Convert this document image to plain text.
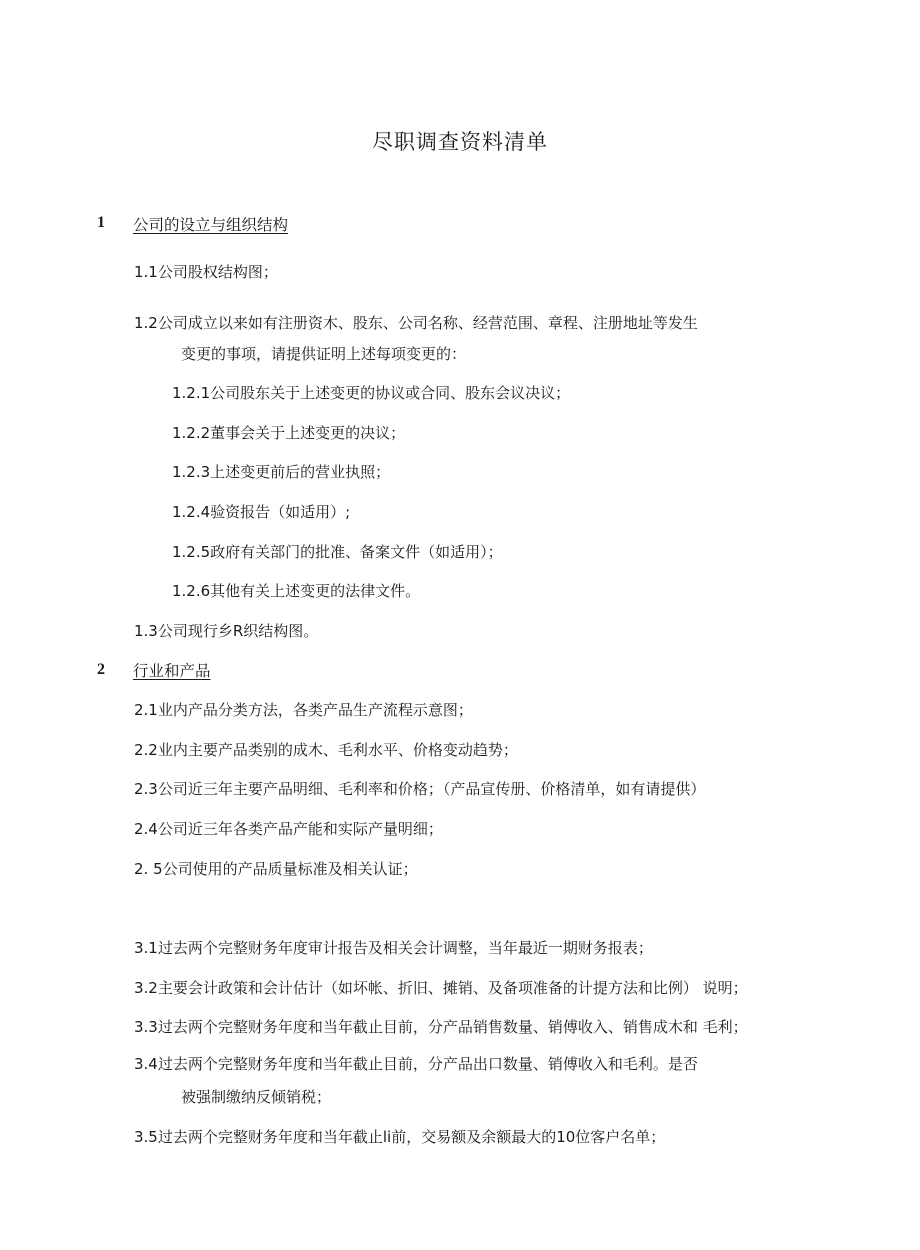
尽职调查资料清单
1 公司的设立与组织结构
1.1公司股权结构图；
1.2公司成立以来如有注册资木、股东、公司名称、经营范围、章程、注册地址等发生
变更的事项，请提供证明上述每项变更的：
1.2.1公司股东关于上述变更的协议或合同、股东会议决议；
1.2.2董事会关于上述变更的决议；
1.2.3上述变更前后的营业执照；
1.2.4验资报告（如适用）;
1.2.5政府有关部门的批准、备案文件（如适用）；
1.2.6其他有关上述变更的法律文件。
1.3公司现行乡R织结构图。
2 行业和产品
2.1业内产品分类方法，各类产品生产流程示意图；
2.2业内主要产品类别的成木、毛利水平、价格变动趋势；
2.3公司近三年主要产品明细、毛利率和价格；（产品宣传册、价格清单，如有请提供）
2.4公司近三年各类产品产能和实际产量明细；
2. 5公司使用的产品质量标准及相关认证；
3.1过去两个完整财务年度审计报告及相关会计调整，当年最近一期财务报表；
3.2主要会计政策和会计估计（如坏帐、折旧、摊销、及备项准备的计提方法和比例） 说明；
3.3过去两个完整财务年度和当年截止目前，分产品销售数量、销傅收入、销售成木和 毛利；
3.4过去两个完整财务年度和当年截止目前，分产品出口数量、销傅收入和毛利。是否
被强制缴纳反倾销税；
3.5过去两个完整财务年度和当年截止li前，交易额及余额最大的10位客户名单；
